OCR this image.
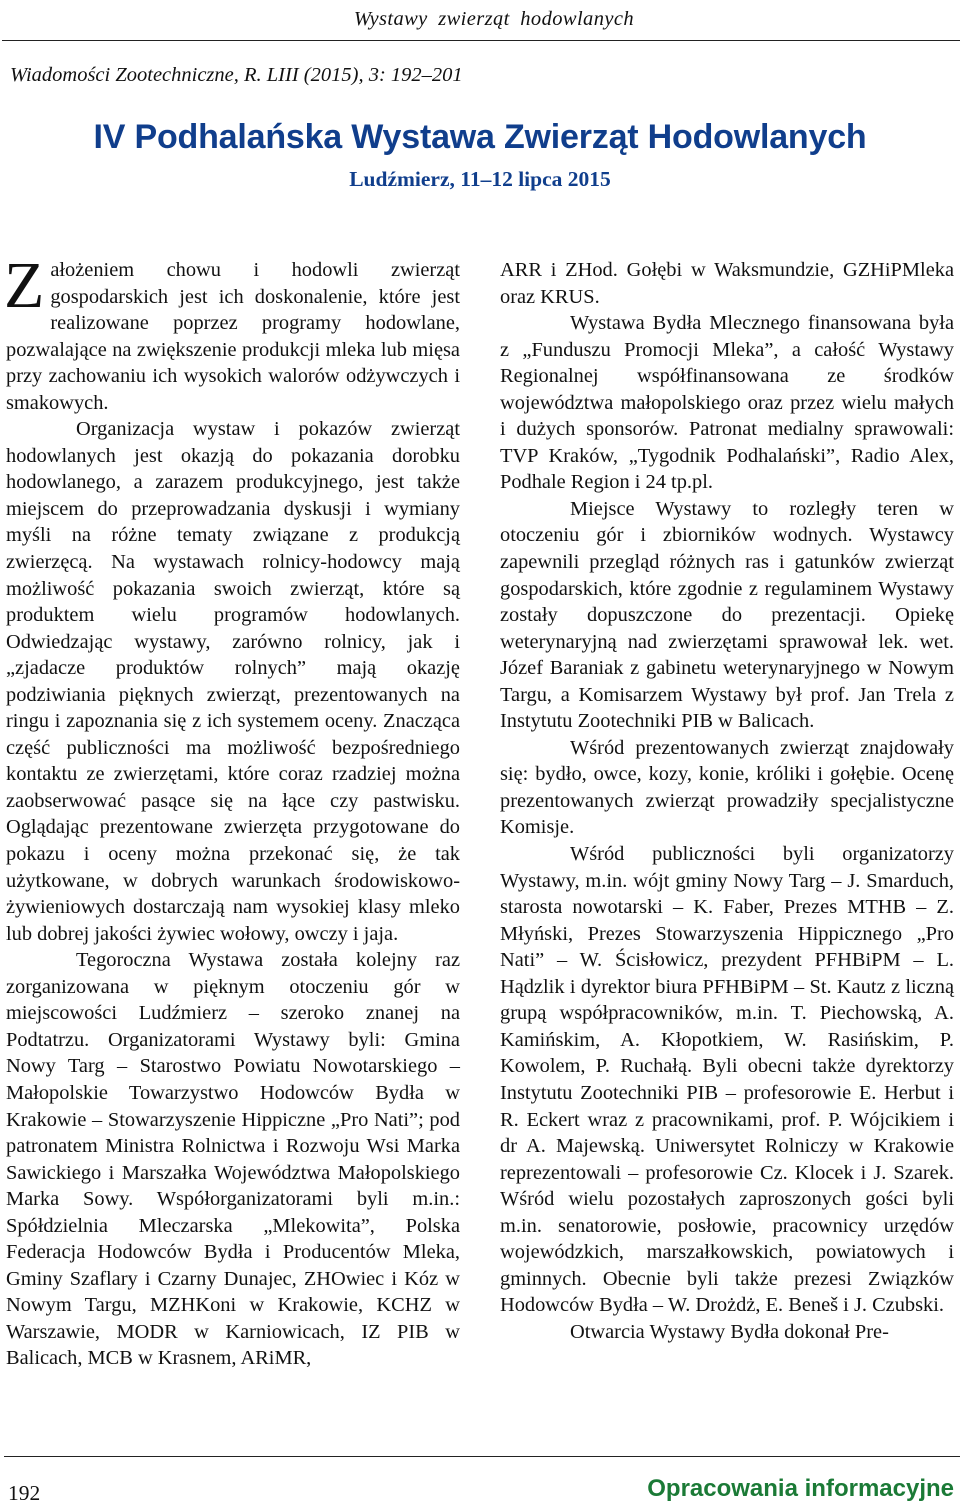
Wystawy zwierząt hodowlanych
Wiadomości Zootechniczne, R. LIII (2015), 3: 192–201
IV Podhalańska Wystawa Zwierząt Hodowlanych
Ludźmierz, 11–12 lipca 2015

Założeniem chowu i hodowli zwierząt gospodarskich jest ich doskonalenie, które jest realizowane poprzez programy hodowlane, pozwalające na zwiększenie produkcji mleka lub mięsa przy zachowaniu ich wysokich walorów odżywczych i smakowych.

Organizacja wystaw i pokazów zwierząt hodowlanych jest okazją do pokazania dorobku hodowlanego, a zarazem produkcyjnego, jest także miejscem do przeprowadzania dyskusji i wymiany myśli na różne tematy związane z produkcją zwierzęcą. Na wystawach rolnicy-hodowcy mają możliwość pokazania swoich zwierząt, które są produktem wielu programów hodowlanych. Odwiedzając wystawy, zarówno rolnicy, jak i „zjadacze produktów rolnych” mają okazję podziwiania pięknych zwierząt, prezentowanych na ringu i zapoznania się z ich systemem oceny. Znacząca część publiczności ma możliwość bezpośredniego kontaktu ze zwierzętami, które coraz rzadziej można zaobserwować pasące się na łące czy pastwisku. Oglądając prezentowane zwierzęta przygotowane do pokazu i oceny można przekonać się, że tak użytkowane, w dobrych warunkach środowiskowo-żywieniowych dostarczają nam wysokiej klasy mleko lub dobrej jakości żywiec wołowy, owczy i jaja.

Tegoroczna Wystawa została kolejny raz zorganizowana w pięknym otoczeniu gór w miejscowości Ludźmierz – szeroko znanej na Podtatrzu. Organizatorami Wystawy byli: Gmina Nowy Targ – Starostwo Powiatu Nowotarskiego – Małopolskie Towarzystwo Hodowców Bydła w Krakowie – Stowarzyszenie Hippiczne „Pro Nati”; pod patronatem Ministra Rolnictwa i Rozwoju Wsi Marka Sawickiego i Marszałka Województwa Małopolskiego Marka Sowy. Współorganizatorami byli m.in.: Spółdzielnia Mleczarska „Mlekowita”, Polska Federacja Hodowców Bydła i Producentów Mleka, Gminy Szaflary i Czarny Dunajec, ZHOwiec i Kóz w Nowym Targu, MZHKoni w Krakowie, KCHZ w Warszawie, MODR w Karniowicach, IZ PIB w Balicach, MCB w Krasnem, ARiMR,

ARR i ZHod. Gołębi w Waksmundzie, GZHiPMleka oraz KRUS.

Wystawa Bydła Mlecznego finansowana była z „Funduszu Promocji Mleka”, a całość Wystawy Regionalnej współfinansowana ze środków województwa małopolskiego oraz przez wielu małych i dużych sponsorów. Patronat medialny sprawowali: TVP Kraków, „Tygodnik Podhalański”, Radio Alex, Podhale Region i 24 tp.pl.

Miejsce Wystawy to rozległy teren w otoczeniu gór i zbiorników wodnych. Wystawcy zapewnili przegląd różnych ras i gatunków zwierząt gospodarskich, które zgodnie z regulaminem Wystawy zostały dopuszczone do prezentacji. Opiekę weterynaryjną nad zwierzętami sprawował lek. wet. Józef Baraniak z gabinetu weterynaryjnego w Nowym Targu, a Komisarzem Wystawy był prof. Jan Trela z Instytutu Zootechniki PIB w Balicach.

Wśród prezentowanych zwierząt znajdowały się: bydło, owce, kozy, konie, króliki i gołębie. Ocenę prezentowanych zwierząt prowadziły specjalistyczne Komisje.

Wśród publiczności byli organizatorzy Wystawy, m.in. wójt gminy Nowy Targ – J. Smarduch, starosta nowotarski – K. Faber, Prezes MTHB – Z. Młyński, Prezes Stowarzyszenia Hippicznego „Pro Nati” – W. Ścisłowicz, prezydent PFHBiPM – L. Hądzlik i dyrektor biura PFHBiPM – St. Kautz z liczną grupą współpracowników, m.in. T. Piechowską, A. Kamińskim, A. Kłopotkiem, W. Rasińskim, P. Kowolem, P. Ruchałą. Byli obecni także dyrektorzy Instytutu Zootechniki PIB – profesorowie E. Herbut i R. Eckert wraz z pracownikami, prof. P. Wójcikiem i dr A. Majewską. Uniwersytet Rolniczy w Krakowie reprezentowali – profesorowie Cz. Klocek i J. Szarek. Wśród wielu pozostałych zaproszonych gości byli m.in. senatorowie, posłowie, pracownicy urzędów wojewódzkich, marszałkowskich, powiatowych i gminnych. Obecnie byli także prezesi Związków Hodowców Bydła – W. Drożdż, E. Beneš i J. Czubski.

Otwarcia Wystawy Bydła dokonał Pre-

192	Opracowania informacyjne
